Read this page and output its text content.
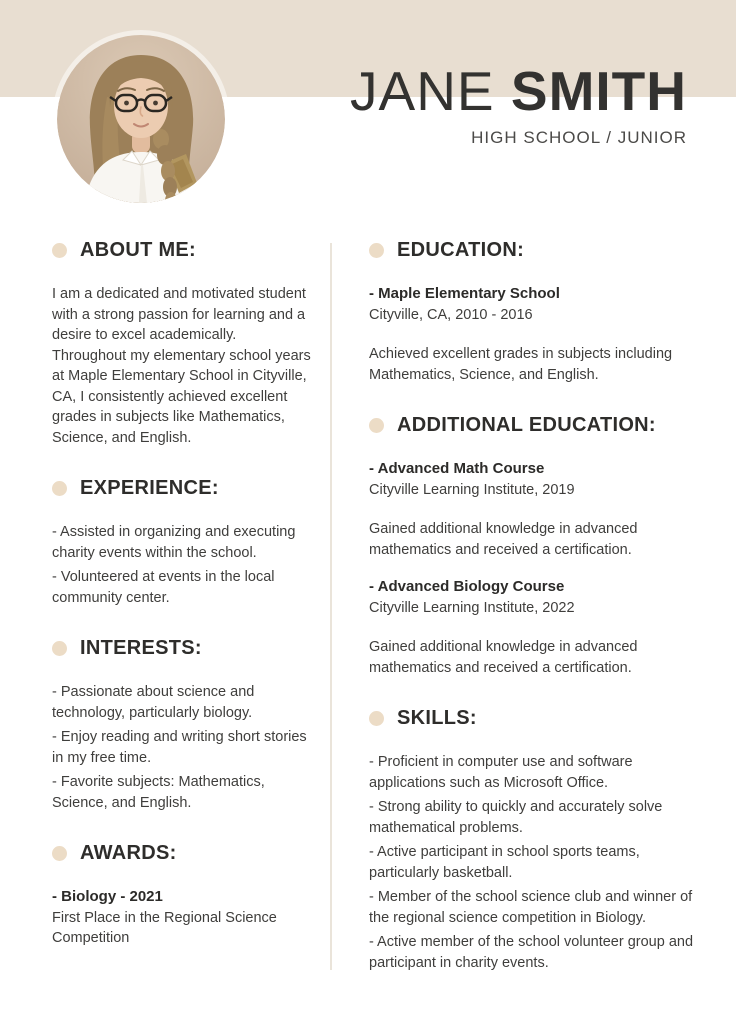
JANE SMITH
HIGH SCHOOL / JUNIOR
ABOUT ME:

I am a dedicated and motivated student with a strong passion for learning and a desire to excel academically. Throughout my elementary school years at Maple Elementary School in Cityville, CA, I consistently achieved excellent grades in subjects like Mathematics, Science, and English.

EXPERIENCE:

- Assisted in organizing and executing charity events within the school.

- Volunteered at events in the local community center.

INTERESTS:

- Passionate about science and technology, particularly biology.

- Enjoy reading and writing short stories in my free time.

- Favorite subjects: Mathematics, Science, and English.

AWARDS:
- Biology - 2021
First Place in the Regional Science Competition
EDUCATION:
- Maple Elementary School
Cityville, CA, 2010 - 2016
Achieved excellent grades in subjects including Mathematics, Science, and English.
ADDITIONAL EDUCATION:
- Advanced Math Course
Cityville Learning Institute, 2019
Gained additional knowledge in advanced mathematics and received a certification.
- Advanced Biology Course
Cityville Learning Institute, 2022
Gained additional knowledge in advanced mathematics and received a certification.
SKILLS:

- Proficient in computer use and software applications such as Microsoft Office.

- Strong ability to quickly and accurately solve mathematical problems.

- Active participant in school sports teams, particularly basketball.

- Member of the school science club and winner of the regional science competition in Biology.

- Active member of the school volunteer group and participant in charity events.
